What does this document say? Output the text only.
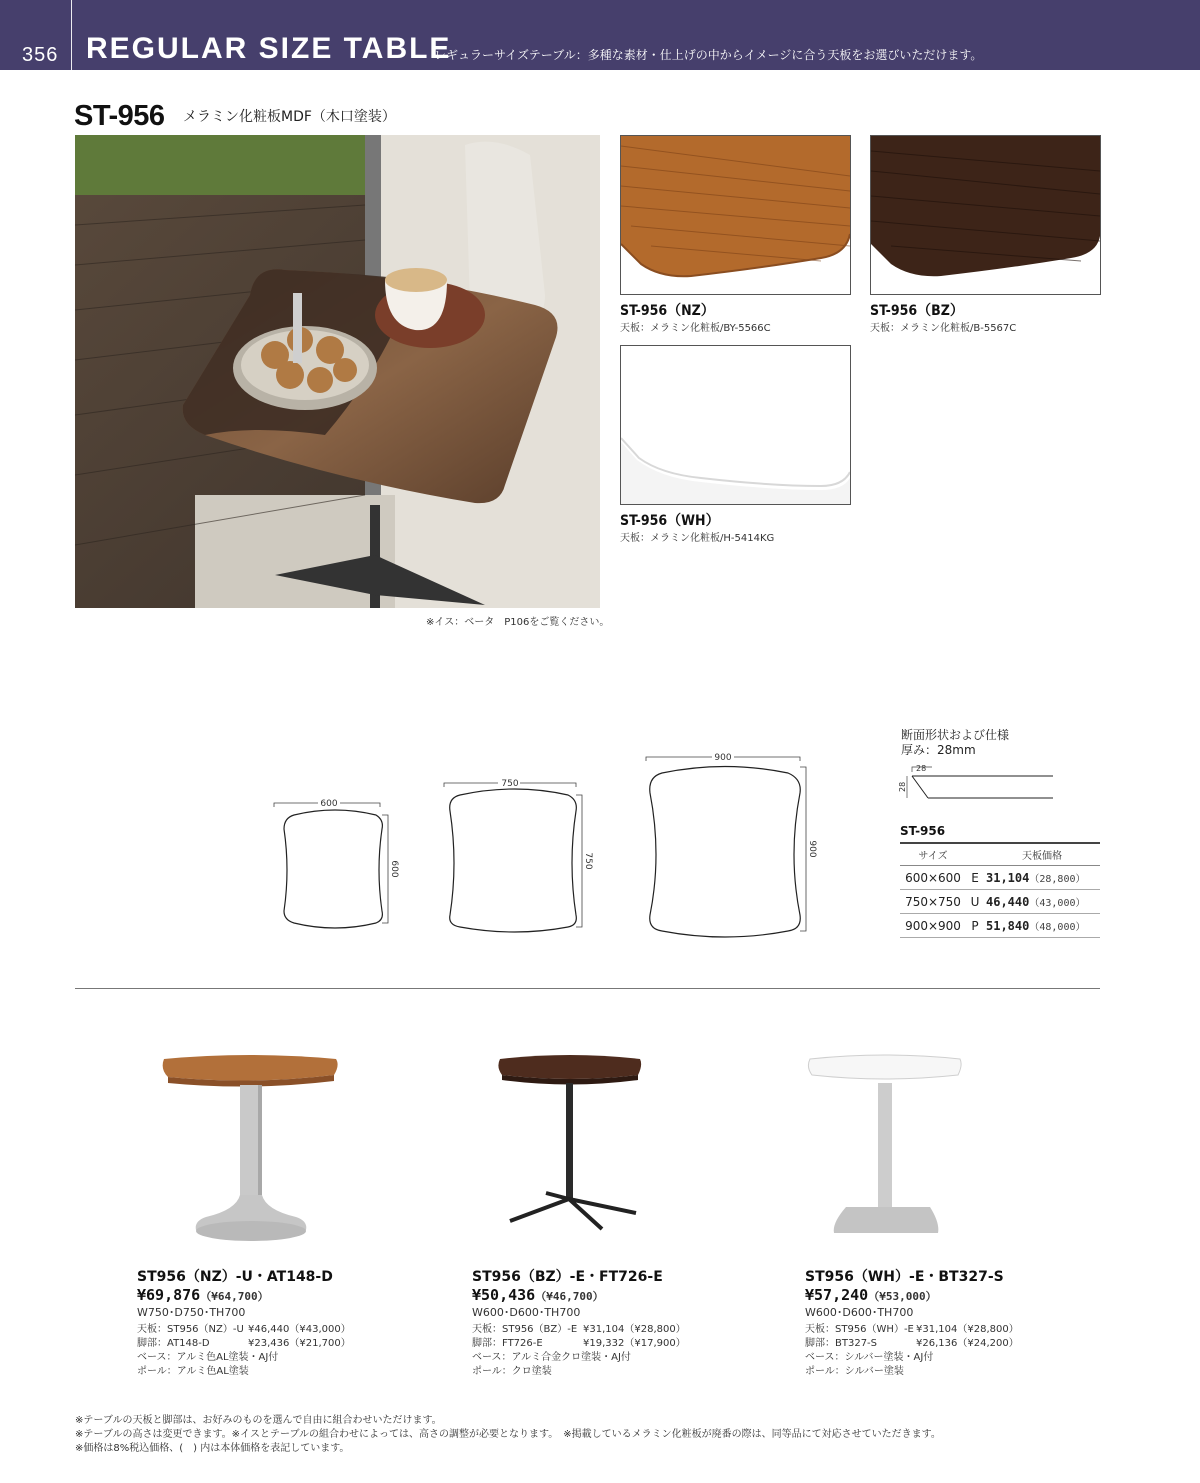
356 REGULAR SIZE TABLE
レギュラーサイズテーブル：多種な素材・仕上げの中からイメージに合う天板をお選びいただけます。
ST-956 メラミン化粧板MDF（木口塗装）
※イス：ベータ　P106をご覧ください。
ST-956（NZ）
天板：メラミン化粧板/BY-5566C
ST-956（BZ）
天板：メラミン化粧板/B-5567C
ST-956（WH）
天板：メラミン化粧板/H-5414KG
600
750
900
600	750
900
断面形状および仕様
厚み：28mm
28
28
ST-956
サイズ		天板価格
600×600	E	31,104（28,800）
750×750	U	46,440（43,000）
900×900	P	51,840（48,000）
ST956（NZ）-U・AT148-D
¥69,876（¥64,700）
W750･D750･TH700
天板：ST956（NZ）-U ¥46,440（¥43,000）
脚部：AT148-D	¥23,436（¥21,700）
ベース：アルミ色AL塗装・AJ付
ポール：アルミ色AL塗装
ST956（BZ）-E・FT726-E
¥50,436（¥46,700）
W600･D600･TH700
天板：ST956（BZ）-E ¥31,104（¥28,800）
脚部：FT726-E	¥19,332（¥17,900）
ベース：アルミ合金クロ塗装・AJ付
ポール：クロ塗装
ST956（WH）-E・BT327-S
¥57,240（¥53,000）
W600･D600･TH700
天板：ST956（WH）-E ¥31,104（¥28,800）
脚部：BT327-S	¥26,136（¥24,200）
ベース：シルバー塗装・AJ付
ポール：シルバー塗装
※テーブルの天板と脚部は、お好みのものを選んで自由に組合わせいただけます。
※テーブルの高さは変更できます。※イスとテーブルの組合わせによっては、高さの調整が必要となります。　※掲載しているメラミン化粧板が廃番の際は、同等品にて対応させていただきます。
※価格は8%税込価格、(　) 内は本体価格を表記しています。
